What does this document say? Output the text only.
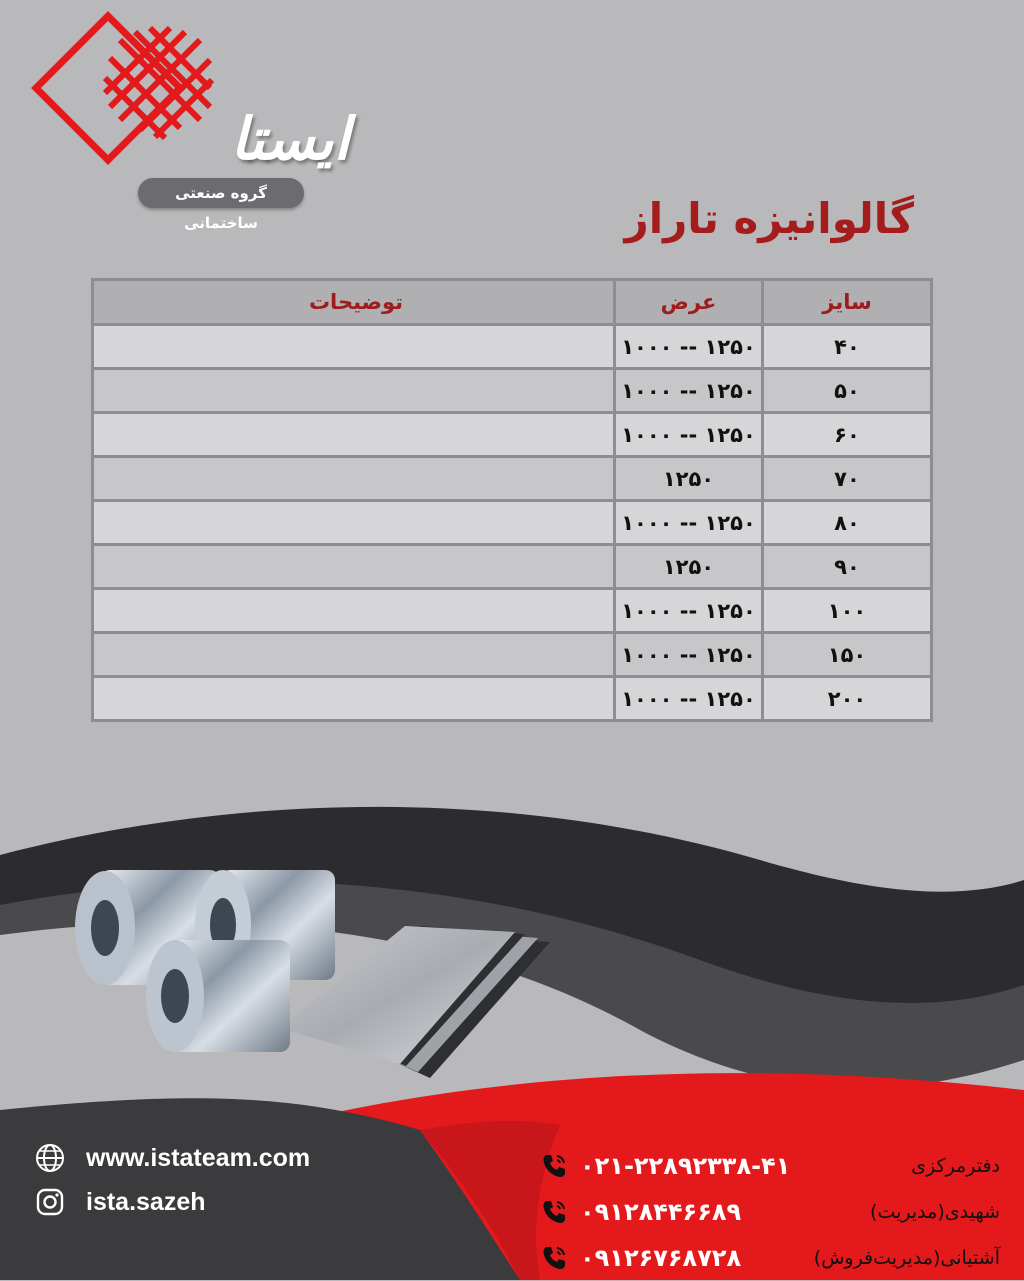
ایستا
گروه صنعتی ساختمانی	گالوانیزه تاراز
سایز	عرض	توضیحات
۴۰	۱۲۵۰ -- ۱۰۰۰	
۵۰	۱۲۵۰ -- ۱۰۰۰	
۶۰	۱۲۵۰ -- ۱۰۰۰	
۷۰	۱۲۵۰	
۸۰	۱۲۵۰ -- ۱۰۰۰	
۹۰	۱۲۵۰	
۱۰۰	۱۲۵۰ -- ۱۰۰۰	
۱۵۰	۱۲۵۰ -- ۱۰۰۰	
۲۰۰	۱۲۵۰ -- ۱۰۰۰	
www.istateam.com
ista.sazeh
۰۲۱-۲۲۸۹۲۳۳۸-۴۱	دفترمرکزی
۰۹۱۲۸۴۴۶۶۸۹	شهیدی(مدیریت)
۰۹۱۲۶۷۶۸۷۲۸	آشتیانی(مدیریت‌فروش)
